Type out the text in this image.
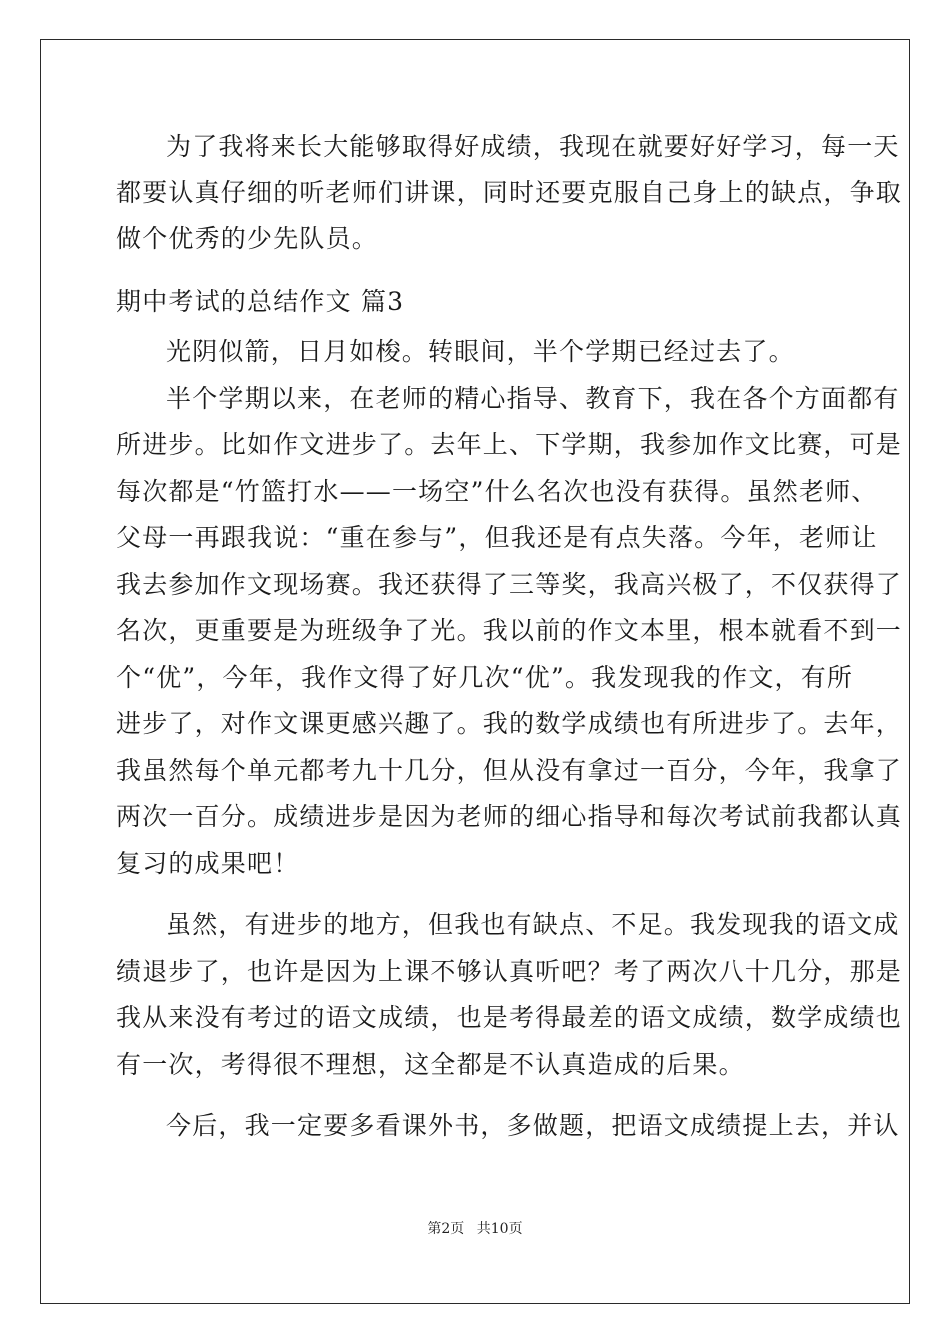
为了我将来长大能够取得好成绩，我现在就要好好学习，每一天
都要认真仔细的听老师们讲课，同时还要克服自己身上的缺点，争取
做个优秀的少先队员。
期中考试的总结作文 篇3
光阴似箭，日月如梭。转眼间，半个学期已经过去了。
半个学期以来，在老师的精心指导、教育下，我在各个方面都有
所进步。比如作文进步了。去年上、下学期，我参加作文比赛，可是
每次都是“竹篮打水——一场空”什么名次也没有获得。虽然老师、
父母一再跟我说：“重在参与”，但我还是有点失落。今年，老师让
我去参加作文现场赛。我还获得了三等奖，我高兴极了，不仅获得了
名次，更重要是为班级争了光。我以前的作文本里，根本就看不到一
个“优”，今年，我作文得了好几次“优”。我发现我的作文，有所
进步了，对作文课更感兴趣了。我的数学成绩也有所进步了。去年，
我虽然每个单元都考九十几分，但从没有拿过一百分，今年，我拿了
两次一百分。成绩进步是因为老师的细心指导和每次考试前我都认真
复习的成果吧！
虽然，有进步的地方，但我也有缺点、不足。我发现我的语文成
绩退步了，也许是因为上课不够认真听吧？考了两次八十几分，那是
我从来没有考过的语文成绩，也是考得最差的语文成绩，数学成绩也
有一次，考得很不理想，这全都是不认真造成的后果。
今后，我一定要多看课外书，多做题，把语文成绩提上去，并认
第2页 共10页
